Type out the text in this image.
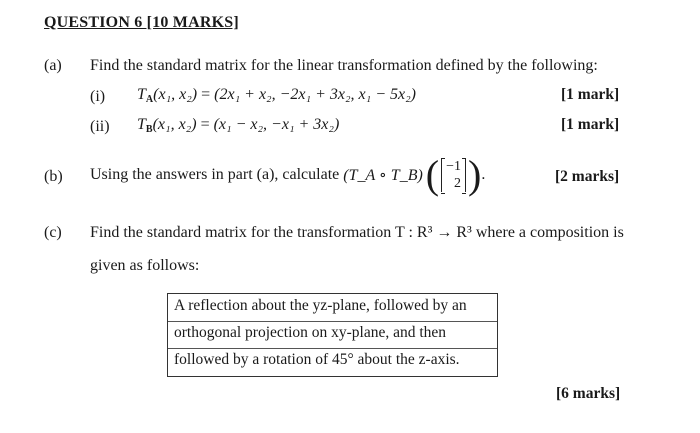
QUESTION 6 [10 MARKS]
(a) Find the standard matrix for the linear transformation defined by the following:
(i) $T_A(x_1$, x₂) = (2x₁ + x₂, −2x₁ + 3x₂, x₁ − 5x₂)	[1 mark]
(ii) $T_B(x_1$, x₂) = (x₁ − x₂, −x₁ + 3x₂)	[1 mark]
(b) Using the answers in part (a), calculate (T_A ∘ T_B) ( −1
2 ) .	[2 marks]
(c) Find the standard matrix for the transformation T : R³ → R³ where a composition is
given as follows:
A reflection about the yz-plane, followed by an
orthogonal projection on xy-plane, and then
followed by a rotation of 45° about the z-axis.
[6 marks]
